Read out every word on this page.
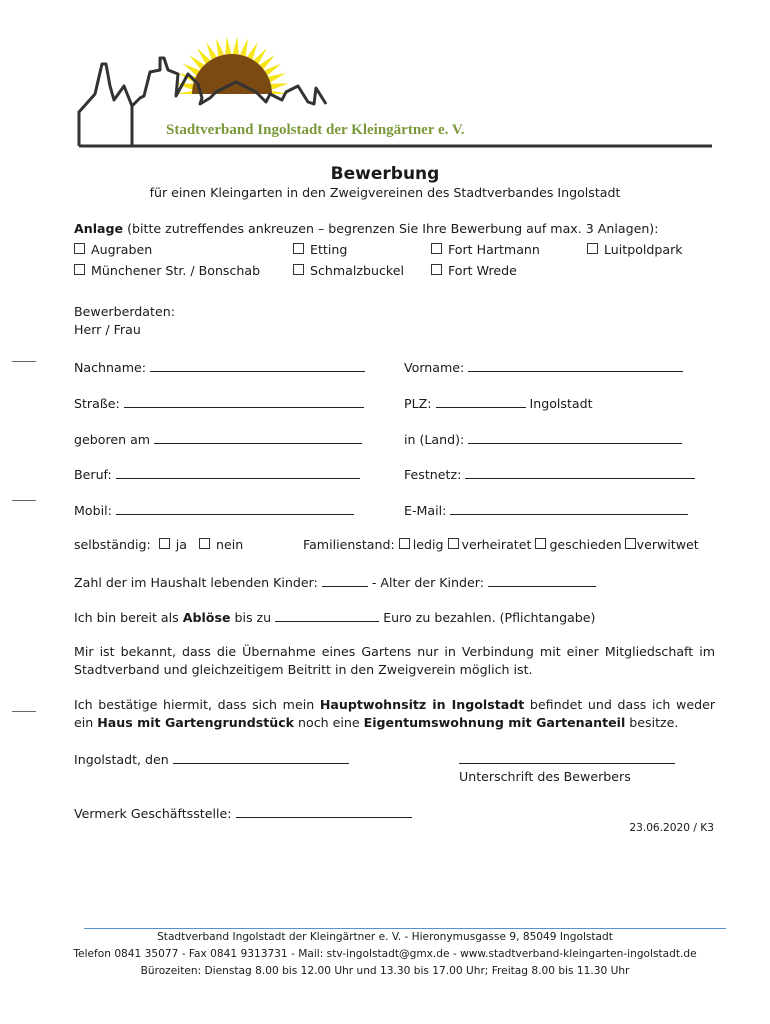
Stadtverband Ingolstadt der Kleingärtner e. V.
Bewerbung
für einen Kleingarten in den Zweigvereinen des Stadtverbandes Ingolstadt
Anlage (bitte zutreffendes ankreuzen – begrenzen Sie Ihre Bewerbung auf max. 3 Anlagen):
Augraben	Etting	Fort Hartmann	Luitpoldpark
Münchener Str. / Bonschab	Schmalzbuckel	Fort Wrede
Bewerberdaten:
Herr / Frau
Nachname:	Vorname:
Straße:	PLZ:	Ingolstadt
geboren am	in (Land):
Beruf:	Festnetz:
Mobil:	E-Mail:
selbständig: ja nein	Familienstand: ledig verheiratet geschieden verwitwet
Zahl der im Haushalt lebenden Kinder:	- Alter der Kinder:
Ich bin bereit als Ablöse bis zu	Euro zu bezahlen. (Pflichtangabe)
Mir ist bekannt, dass die Übernahme eines Gartens nur in Verbindung mit einer Mitgliedschaft im Stadtverband und gleichzeitigem Beitritt in den Zweigverein möglich ist.
Ich bestätige hiermit, dass sich mein Hauptwohnsitz in Ingolstadt befindet und dass ich weder ein Haus mit Gartengrundstück noch eine Eigentumswohnung mit Gartenanteil besitze.
Ingolstadt, den
Unterschrift des Bewerbers
Vermerk Geschäftsstelle:
23.06.2020 / K3
Stadtverband Ingolstadt der Kleingärtner e. V. - Hieronymusgasse 9, 85049 Ingolstadt
Telefon 0841 35077 - Fax 0841 9313731 - Mail: stv-ingolstadt@gmx.de - www.stadtverband-kleingarten-ingolstadt.de
Bürozeiten: Dienstag 8.00 bis 12.00 Uhr und 13.30 bis 17.00 Uhr; Freitag 8.00 bis 11.30 Uhr
